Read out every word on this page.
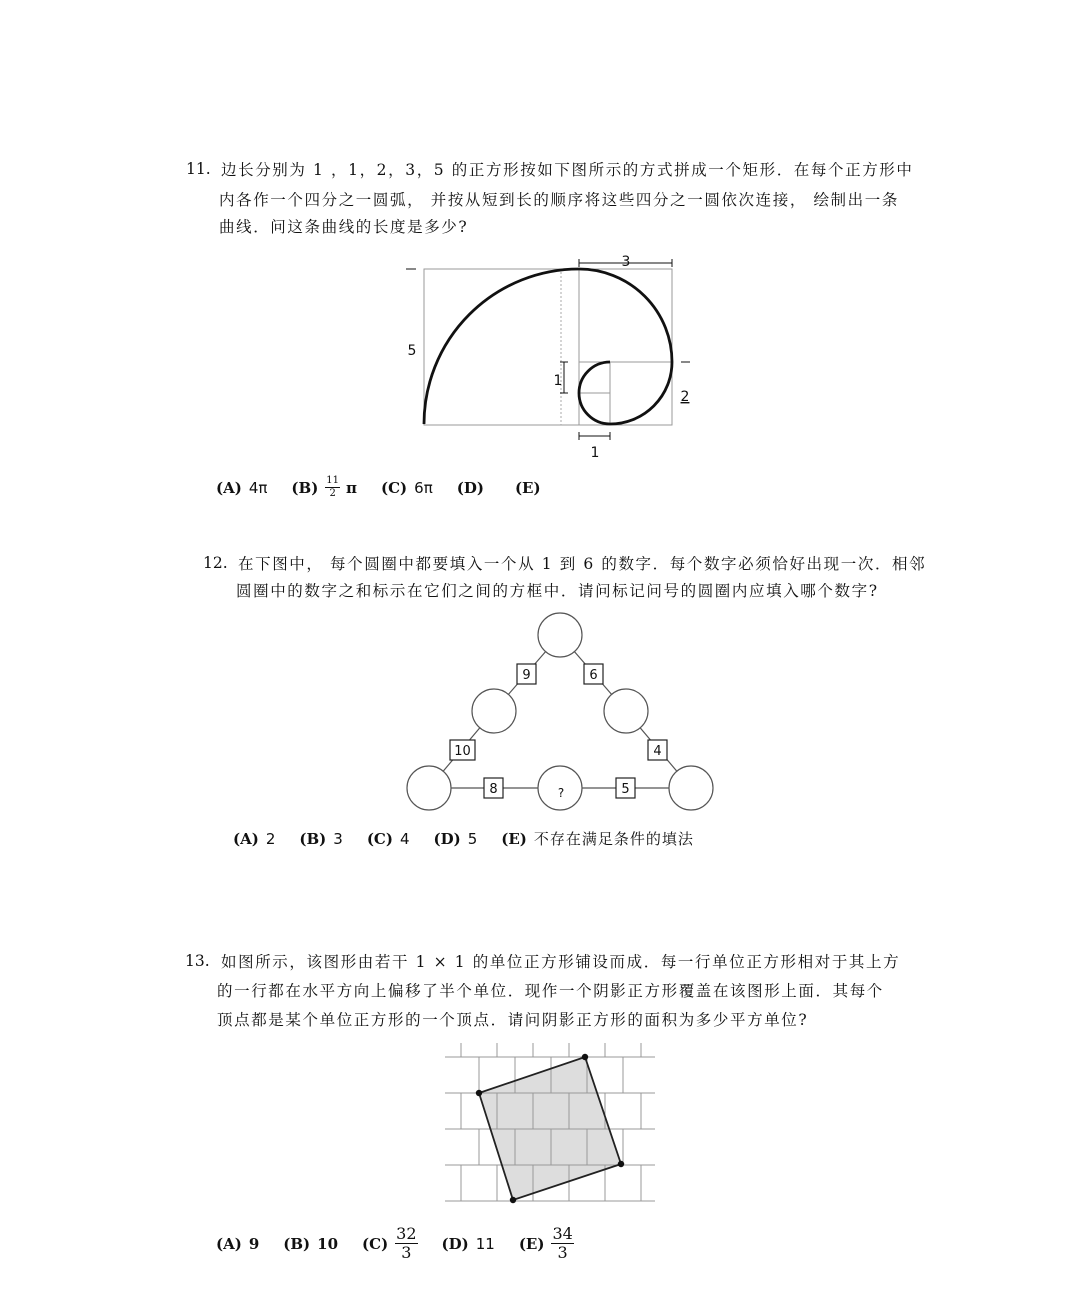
11. 边长分别为 1 ，1，2，3，5 的正方形按如下图所示的方式拼成一个矩形．在每个正方形中
内各作一个四分之一圆弧， 并按从短到长的顺序将这些四分之一圆依次连接， 绘制出一条
曲线．问这条曲线的长度是多少?
3
5
1
2
1
(A) 4π $(B) \frac{11}{2}$ π (C) 6π (D) (E)
12. 在下图中， 每个圆圈中都要填入一个从 1 到 6 的数字．每个数字必须恰好出现一次．相邻
圆圈中的数字之和标示在它们之间的方框中．请问标记问号的圆圈内应填入哪个数字?
9	6
10	4
8	5
?
(A) 2 (B) 3 (C) 4 (D) 5 (E) 不存在满足条件的填法
13. 如图所示，该图形由若干 1 × 1 的单位正方形铺设而成．每一行单位正方形相对于其上方
的一行都在水平方向上偏移了半个单位．现作一个阴影正方形覆盖在该图形上面．其每个
顶点都是某个单位正方形的一个顶点．请问阴影正方形的面积为多少平方单位?
(A) 9 (B) 10 $(C) \frac{32}{3} (D)$ 11 $(E) \frac{34}{3}$
